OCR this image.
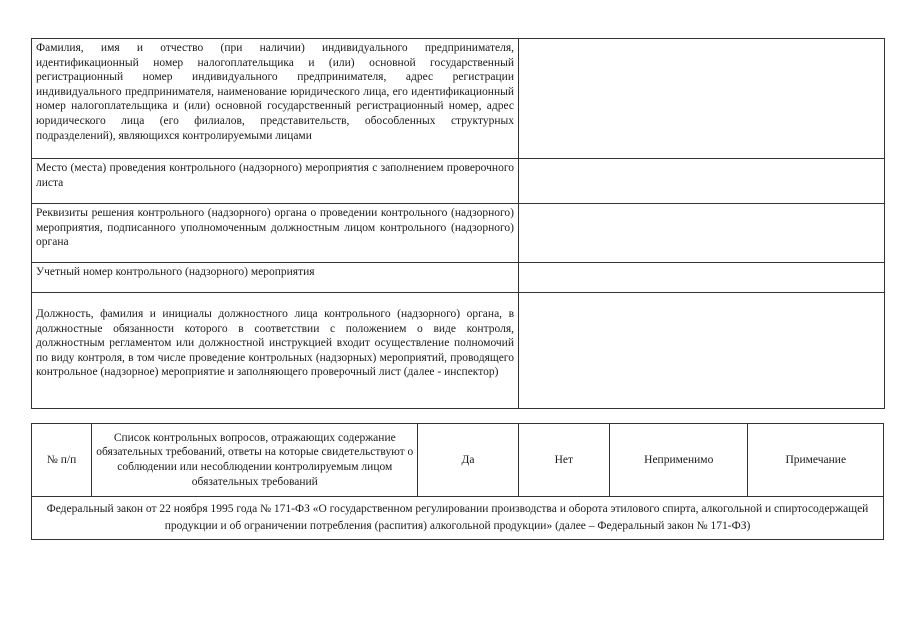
Фамилия, имя и отчество (при наличии) индивидуального предпринимателя, идентификационный номер налогоплательщика и (или) основной государственный регистрационный номер индивидуального предпринимателя, адрес регистрации индивидуального предпринимателя, наименование юридического лица, его идентификационный номер налогоплательщика и (или) основной государственный регистрационный номер, адрес юридического лица (его филиалов, представительств, обособленных структурных подразделений), являющихся контролируемыми лицами	
Место (места) проведения контрольного (надзорного) мероприятия с заполнением проверочного листа	
Реквизиты решения контрольного (надзорного) органа о проведении контрольного (надзорного) мероприятия, подписанного уполномоченным должностным лицом контрольного (надзорного) органа	
Учетный номер контрольного (надзорного) мероприятия	
Должность, фамилия и инициалы должностного лица контрольного (надзорного) органа, в должностные обязанности которого в соответствии с положением о виде контроля, должностным регламентом или должностной инструкцией входит осуществление полномочий по виду контроля, в том числе проведение контрольных (надзорных) мероприятий, проводящего контрольное (надзорное) мероприятие и заполняющего проверочный лист (далее - инспектор)	
№ п/п	Список контрольных вопросов, отражающих содержание обязательных требований, ответы на которые свидетельствуют о соблюдении или несоблюдении контролируемым лицом обязательных требований	Да	Нет	Неприменимо	Примечание
Федеральный закон от 22 ноября 1995 года № 171-ФЗ «О государственном регулировании производства и оборота этилового спирта, алкогольной и спиртосодержащей продукции и об ограничении потребления (распития) алкогольной продукции» (далее – Федеральный закон № 171-ФЗ)
